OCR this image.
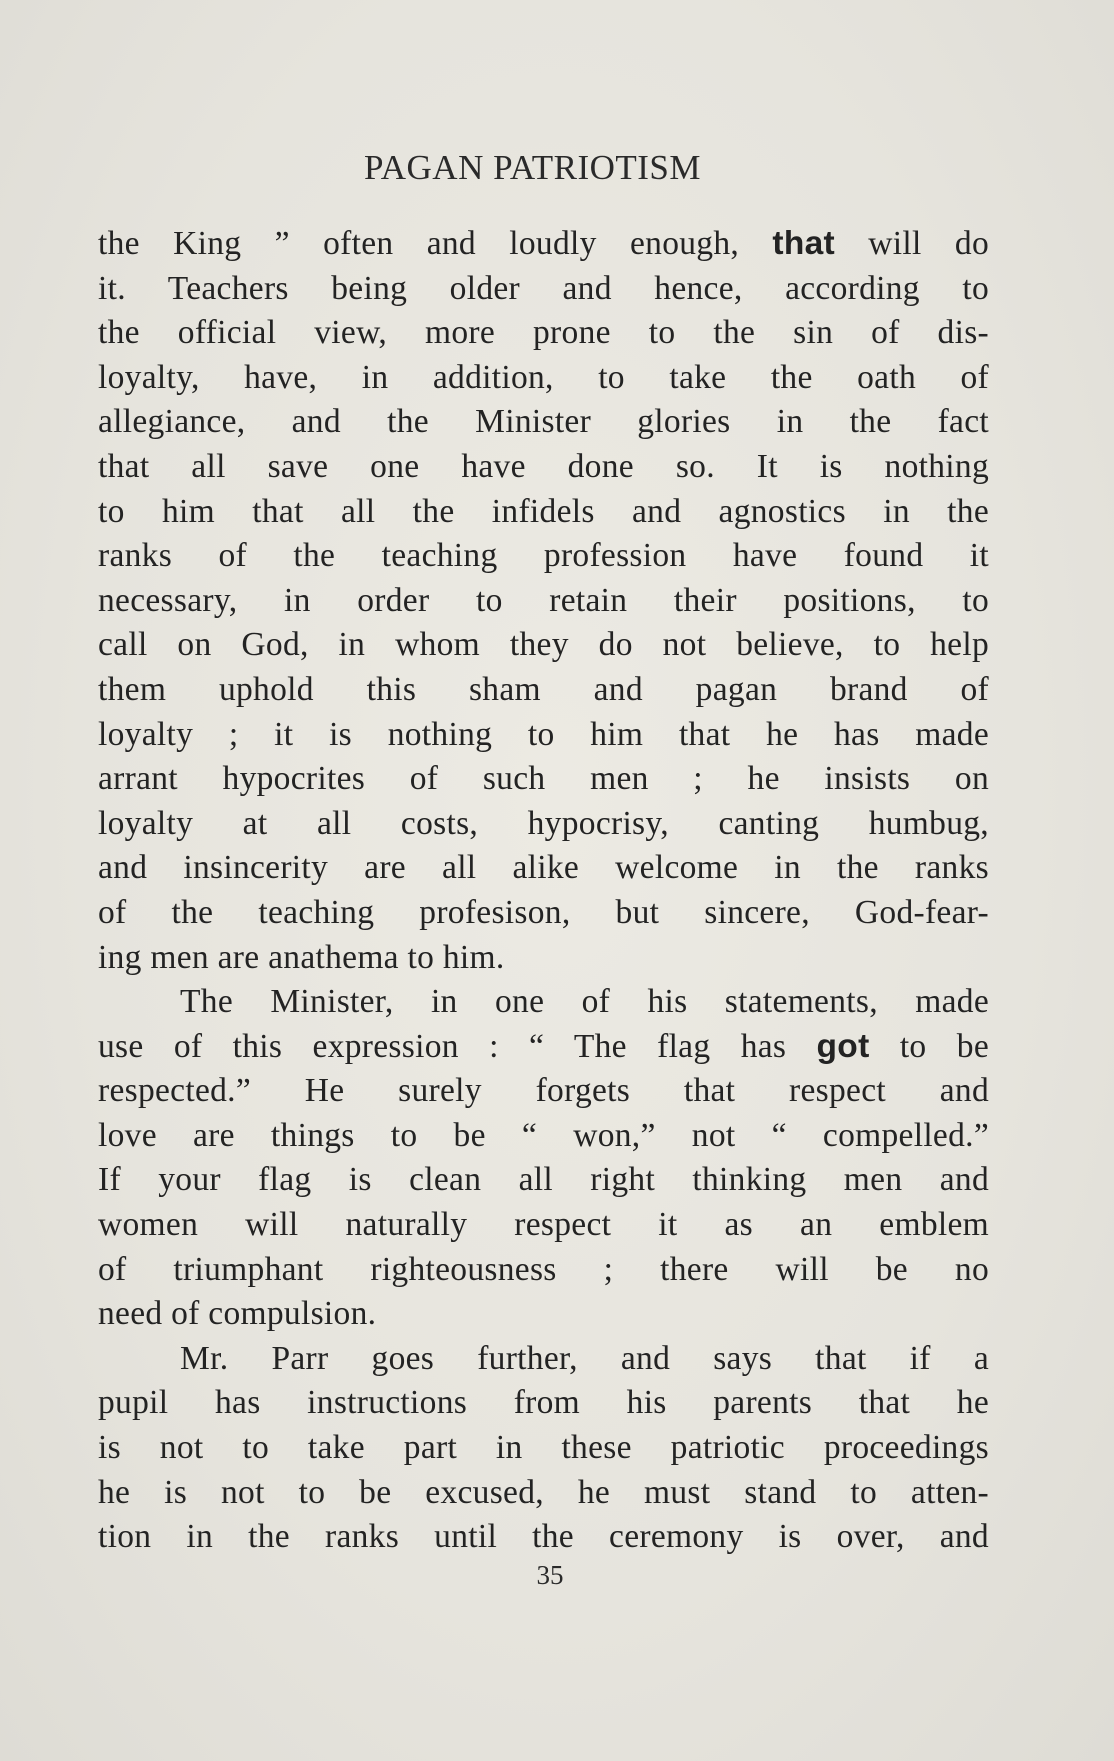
PAGAN PATRIOTISM
the King ” often and loudly enough, that will do
it. Teachers being older and hence, according to
the official view, more prone to the sin of dis-
loyalty, have, in addition, to take the oath of
allegiance, and the Minister glories in the fact
that all save one have done so. It is nothing
to him that all the infidels and agnostics in the
ranks of the teaching profession have found it
necessary, in order to retain their positions, to
call on God, in whom they do not believe, to help
them uphold this sham and pagan brand of
loyalty ; it is nothing to him that he has made
arrant hypocrites of such men ; he insists on
loyalty at all costs, hypocrisy, canting humbug,
and insincerity are all alike welcome in the ranks
of the teaching profesison, but sincere, God-fear-
ing men are anathema to him.
The Minister, in one of his statements, made
use of this expression : “ The flag has got to be
respected.” He surely forgets that respect and
love are things to be “ won,” not “ compelled.”
If your flag is clean all right thinking men and
women will naturally respect it as an emblem
of triumphant righteousness ; there will be no
need of compulsion.
Mr. Parr goes further, and says that if a
pupil has instructions from his parents that he
is not to take part in these patriotic proceedings
he is not to be excused, he must stand to atten-
tion in the ranks until the ceremony is over, and
35
